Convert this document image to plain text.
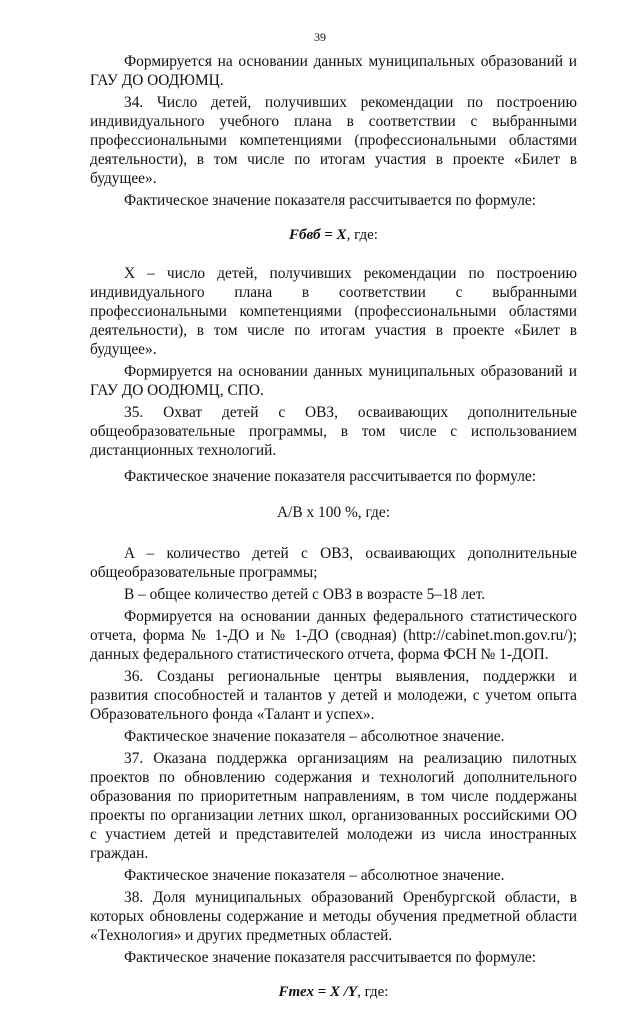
39

Формируется на основании данных муниципальных образований и ГАУ ДО ООДЮМЦ.

34. Число детей, получивших рекомендации по построению индивидуального учебного плана в соответствии с выбранными профессиональными компетенциями (профессиональными областями деятельности), в том числе по итогам участия в проекте «Билет в будущее».

Фактическое значение показателя рассчитывается по формуле:

Fбвб = X, где:

X – число детей, получивших рекомендации по построению индивидуального плана в соответствии с выбранными профессиональными компетенциями (профессиональными областями деятельности), в том числе по итогам участия в проекте «Билет в будущее».

Формируется на основании данных муниципальных образований и ГАУ ДО ООДЮМЦ, СПО.

35. Охват детей с ОВЗ, осваивающих дополнительные общеобразовательные программы, в том числе с использованием дистанционных технологий.

Фактическое значение показателя рассчитывается по формуле:

A/B x 100 %, где:

A – количество детей с ОВЗ, осваивающих дополнительные общеобразовательные программы;

B – общее количество детей с ОВЗ в возрасте 5–18 лет.

Формируется на основании данных федерального статистического отчета, форма № 1-ДО и № 1-ДО (сводная) (http://cabinet.mon.gov.ru/); данных федерального статистического отчета, форма ФСН № 1-ДОП.

36. Созданы региональные центры выявления, поддержки и развития способностей и талантов у детей и молодежи, с учетом опыта Образовательного фонда «Талант и успех».

Фактическое значение показателя – абсолютное значение.

37. Оказана поддержка организациям на реализацию пилотных проектов по обновлению содержания и технологий дополнительного образования по приоритетным направлениям, в том числе поддержаны проекты по организации летних школ, организованных российскими ОО с участием детей и представителей молодежи из числа иностранных граждан.

Фактическое значение показателя – абсолютное значение.

38. Доля муниципальных образований Оренбургской области, в которых обновлены содержание и методы обучения предметной области «Технология» и других предметных областей.

Фактическое значение показателя рассчитывается по формуле:

Fтех = X /Y, где:
